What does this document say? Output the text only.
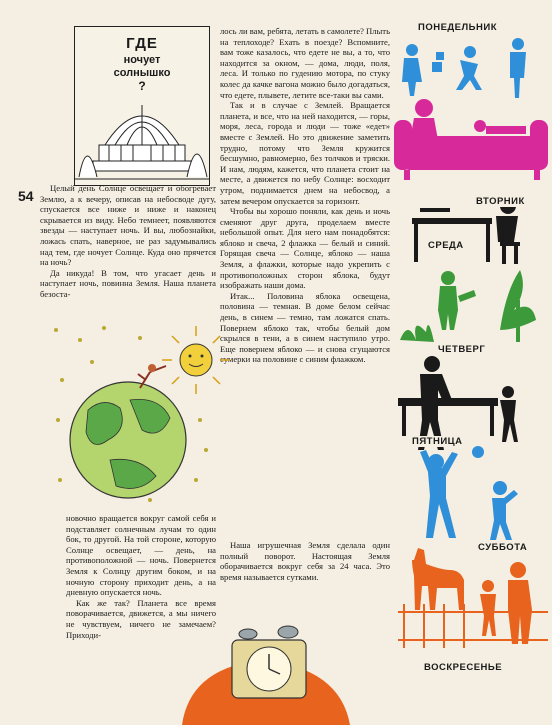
ГДЕ
ночует
солнышко
?
54	Целый день Солнце освещает и обогревает Землю, а к вечеру, описав на небосводе дугу, спускается все ниже и ниже и наконец скрывается из виду. Небо темнеет, появляются звезды — наступает ночь. И вы, любознайки, ложась спать, наверное, не раз задумывались над тем, где ночует Солнце. Куда оно прячется на ночь?

Да никуда! В том, что угасает день и наступает ночь, повинна Земля. Наша планета безоста-

новочно вращается вокруг самой себя и подставляет солнечным лучам то один бок, то другой. На той стороне, которую Солнце освещает, — день, на противоположной — ночь. Повернется Земля к Солнцу другим боком, и на ночную сторону приходит день, а на дневную опускается ночь.

Как же так? Планета все время поворачивается, движется, а мы ничего не чувствуем, ничего не замечаем? Приходи-

лось ли вам, ребята, летать в самолете? Плыть на теплоходе? Ехать в поезде? Вспомните, вам тоже казалось, что едете не вы, а то, что находится за окном, — дома, люди, поля, леса. И только по гудению мотора, по стуку колес да качке вагона можно было догадаться, что едете, плывете, летите все-таки вы сами.

Так и в случае с Землей. Вращается планета, и все, что на ней находится, — горы, моря, леса, города и люди — тоже «едет» вместе с Землей. Но это движение заметить трудно, потому что Земля кружится бесшумно, равномерно, без толчков и тряски. И нам, людям, кажется, что планета стоит на месте, а движется по небу Солнце: восходит утром, поднимается днем на небосвод, а затем вечером опускается за горизонт.

Чтобы вы хорошо поняли, как день и ночь сменяют друг друга, проделаем вместе небольшой опыт. Для него нам понадобятся: яблоко и свеча, 2 флажка — белый и синий. Горящая свеча — Солнце, яблоко — наша Земля, а флажки, которые надо укрепить с противоположных сторон яблока, будут изображать наши дома.

Итак... Половина яблока освещена, половина — темная. В доме белом сейчас день, в синем — темно, там ложатся спать. Повернем яблоко так, чтобы белый дом скрылся в тени, а в синем наступило утро. Еще повернем яблоко — и снова сгущаются сумерки на половине с синим флажком.

Наша игрушечная Земля сделала один полный поворот. Настоящая Земля оборачивается вокруг себя за 24 часа. Это время называется сутками.

ПОНЕДЕЛЬНИК
ВТОРНИК
СРЕДА
ЧЕТВЕРГ
ПЯТНИЦА
СУББОТА
ВОСКРЕСЕНЬЕ
